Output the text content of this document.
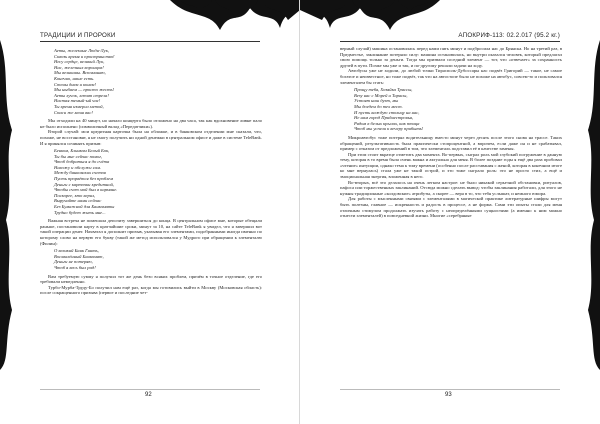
ТРАДИЦИИ И ПРОРОКИ
Аеты, железные Люди-Лук,
Сквозь время и пространство!
Несу сердце, великий Лук,
Нас, железных воронцов!
Мы великаны. Вспоминаю,
Конечно, наше есть.
Стены днем и конем!
Мы ныбаем — просто жесть!
Аеты лучок, летит стрела!
Настая темый-ый час!
Ты время измерил метой,
Спаси же меня вас!

Мы отходили на 40 минут, но начало концерта было отложено на два часа, так как вдохновение ливне пало не было исполнено (символичный вклад «Передатчики»).

Второй случай: мои кредитная карточка была на обложке, и в банковском отделении мне сказали, что, похоже, не восстановят, я не смогу получить ни одной денежки в центральном офисе и даже в системе TeleBank. И я принялся сочинять призыв:

Бенком, Блинком Белый Бок,
Ты бы мне сейчас помог,
Чтоб добраться я до счёта
Нахожу и обслужи сам.
Между банковских счетов
Пусть прорвётся без проблем
Деньги с карточки кредитной,
Чтобы счет мой был в кармане.
Поскорее, кто верил,
Выручайте нами сейчас
Без Бумажной для Банкоматы
Трудно будет жить мне...

Важная встреча не помешала депозиту завершиться до конца. В центральном офисе мне, которые обещали раньше, постановили карту в кратчайшие сроки, минут за 10, на сайте TeleBank я увидел, что я завершил вот такой операции денег. Нахватал я дополнит призыв, указывая его элементами, подобранными иногда именно по которому слово на первую его букву (такой же метод использовался у Мудрого при обращении к элементалю (Филин):

О великий Банк Гнить,
Восхвалённый Банкомат,
Деньги не потеряю,
Чтоб я весь был рад!

Вам требуемую сумму я получил тот же день безо всяких проблем, причём в точное отделение, где его требовали немедленно.

Турбо-Мурба-Труду-Бо получил нам ещё раз, когда мы готовились выйти в Москву (Московская область): после сокращенного призыва (первое и последние чет-

92
АПОКРИФ-113: 02.2.017 (95.2 кг.)

верный случай) машина остановилась перед нами пять минут и подбросила нас до Брянска. Но на третий раз, в Предместье, заклинание потеряло силу: машина остановилась, но внутри оказался человек, который предлагал свою помощь только за деньги. Тогда мы призвали соседний элемент — тот, что «отвечает» за сохранность друзей в пути. Позже мы уже и так, и по-другому решали задачи на ходу.

Автобусы уже не ходили, до любой точки Тирасполь-Дубоссары нас подвёз Григорий — такое, не самое богатое и неизвестное, но тоже подвёз, так что на автостопе было не похоже на автобус, совсем-то и пользовался элементалем бы стать:

Прощу тебя, Хозяйка Трассы,
Везу нас с Морей и Тарасы,
Устоят наш дуэт, мы
Мы доедем до тех мест.
И пусть каждую столицу на нас,
Не нам город Приднестровья,
Рядом в белых крылах, как птица
Чтоб мы успели к вечеру прибыть!

Микроавтобус тоже потерял водительницу вместо минут через десять после этого снова на трассе. Таких обращений, результативность была практически стопроцентной, а впрочем, если даже он и не срабатывал, пример с отказом от предложений в том, что элементаль подставил её в качестве замены.

При этом стоит вкратце отметить два момента. Во-первых, сыграл роль мой глубокий погружение в данную тему, которая в то время была очень важна и актуальна для меня. В более поздние годы я ещё два раза пробовал «чтение» интуиции, однако тема к тому времени (особенно после расставания с женой, которая в конечном итоге ко мне вернулась) стала уже не такой острой, и это тоже сыграло роль: это не просто стих, а ещё и эмоциональная энергия, вложенная в него.

Во-вторых, всё это делалось на очень легком настрое: не было никакой серьезной обстановки, ритуалов, пафоса или торжественных заклинаний. Отсюда можно сделать вывод: чтобы заклинания работали, для этого не нужны традиционные «колдовские» атрибуты, а скорее — вера в то, что тебя услышат, и немного юмора.

Для работы с мысленными связями с элементалями в магической практике литературные шифры могут быть полезны, главное — искренность и радость в процессе, а не форма. Сами эти опыты стали для меня отличным стимулом продолжать изучать работу с неопределёнными сущностями (а именно к ним можно отнести элементалей) в повседневной жизни. Многие «серебряные

93
